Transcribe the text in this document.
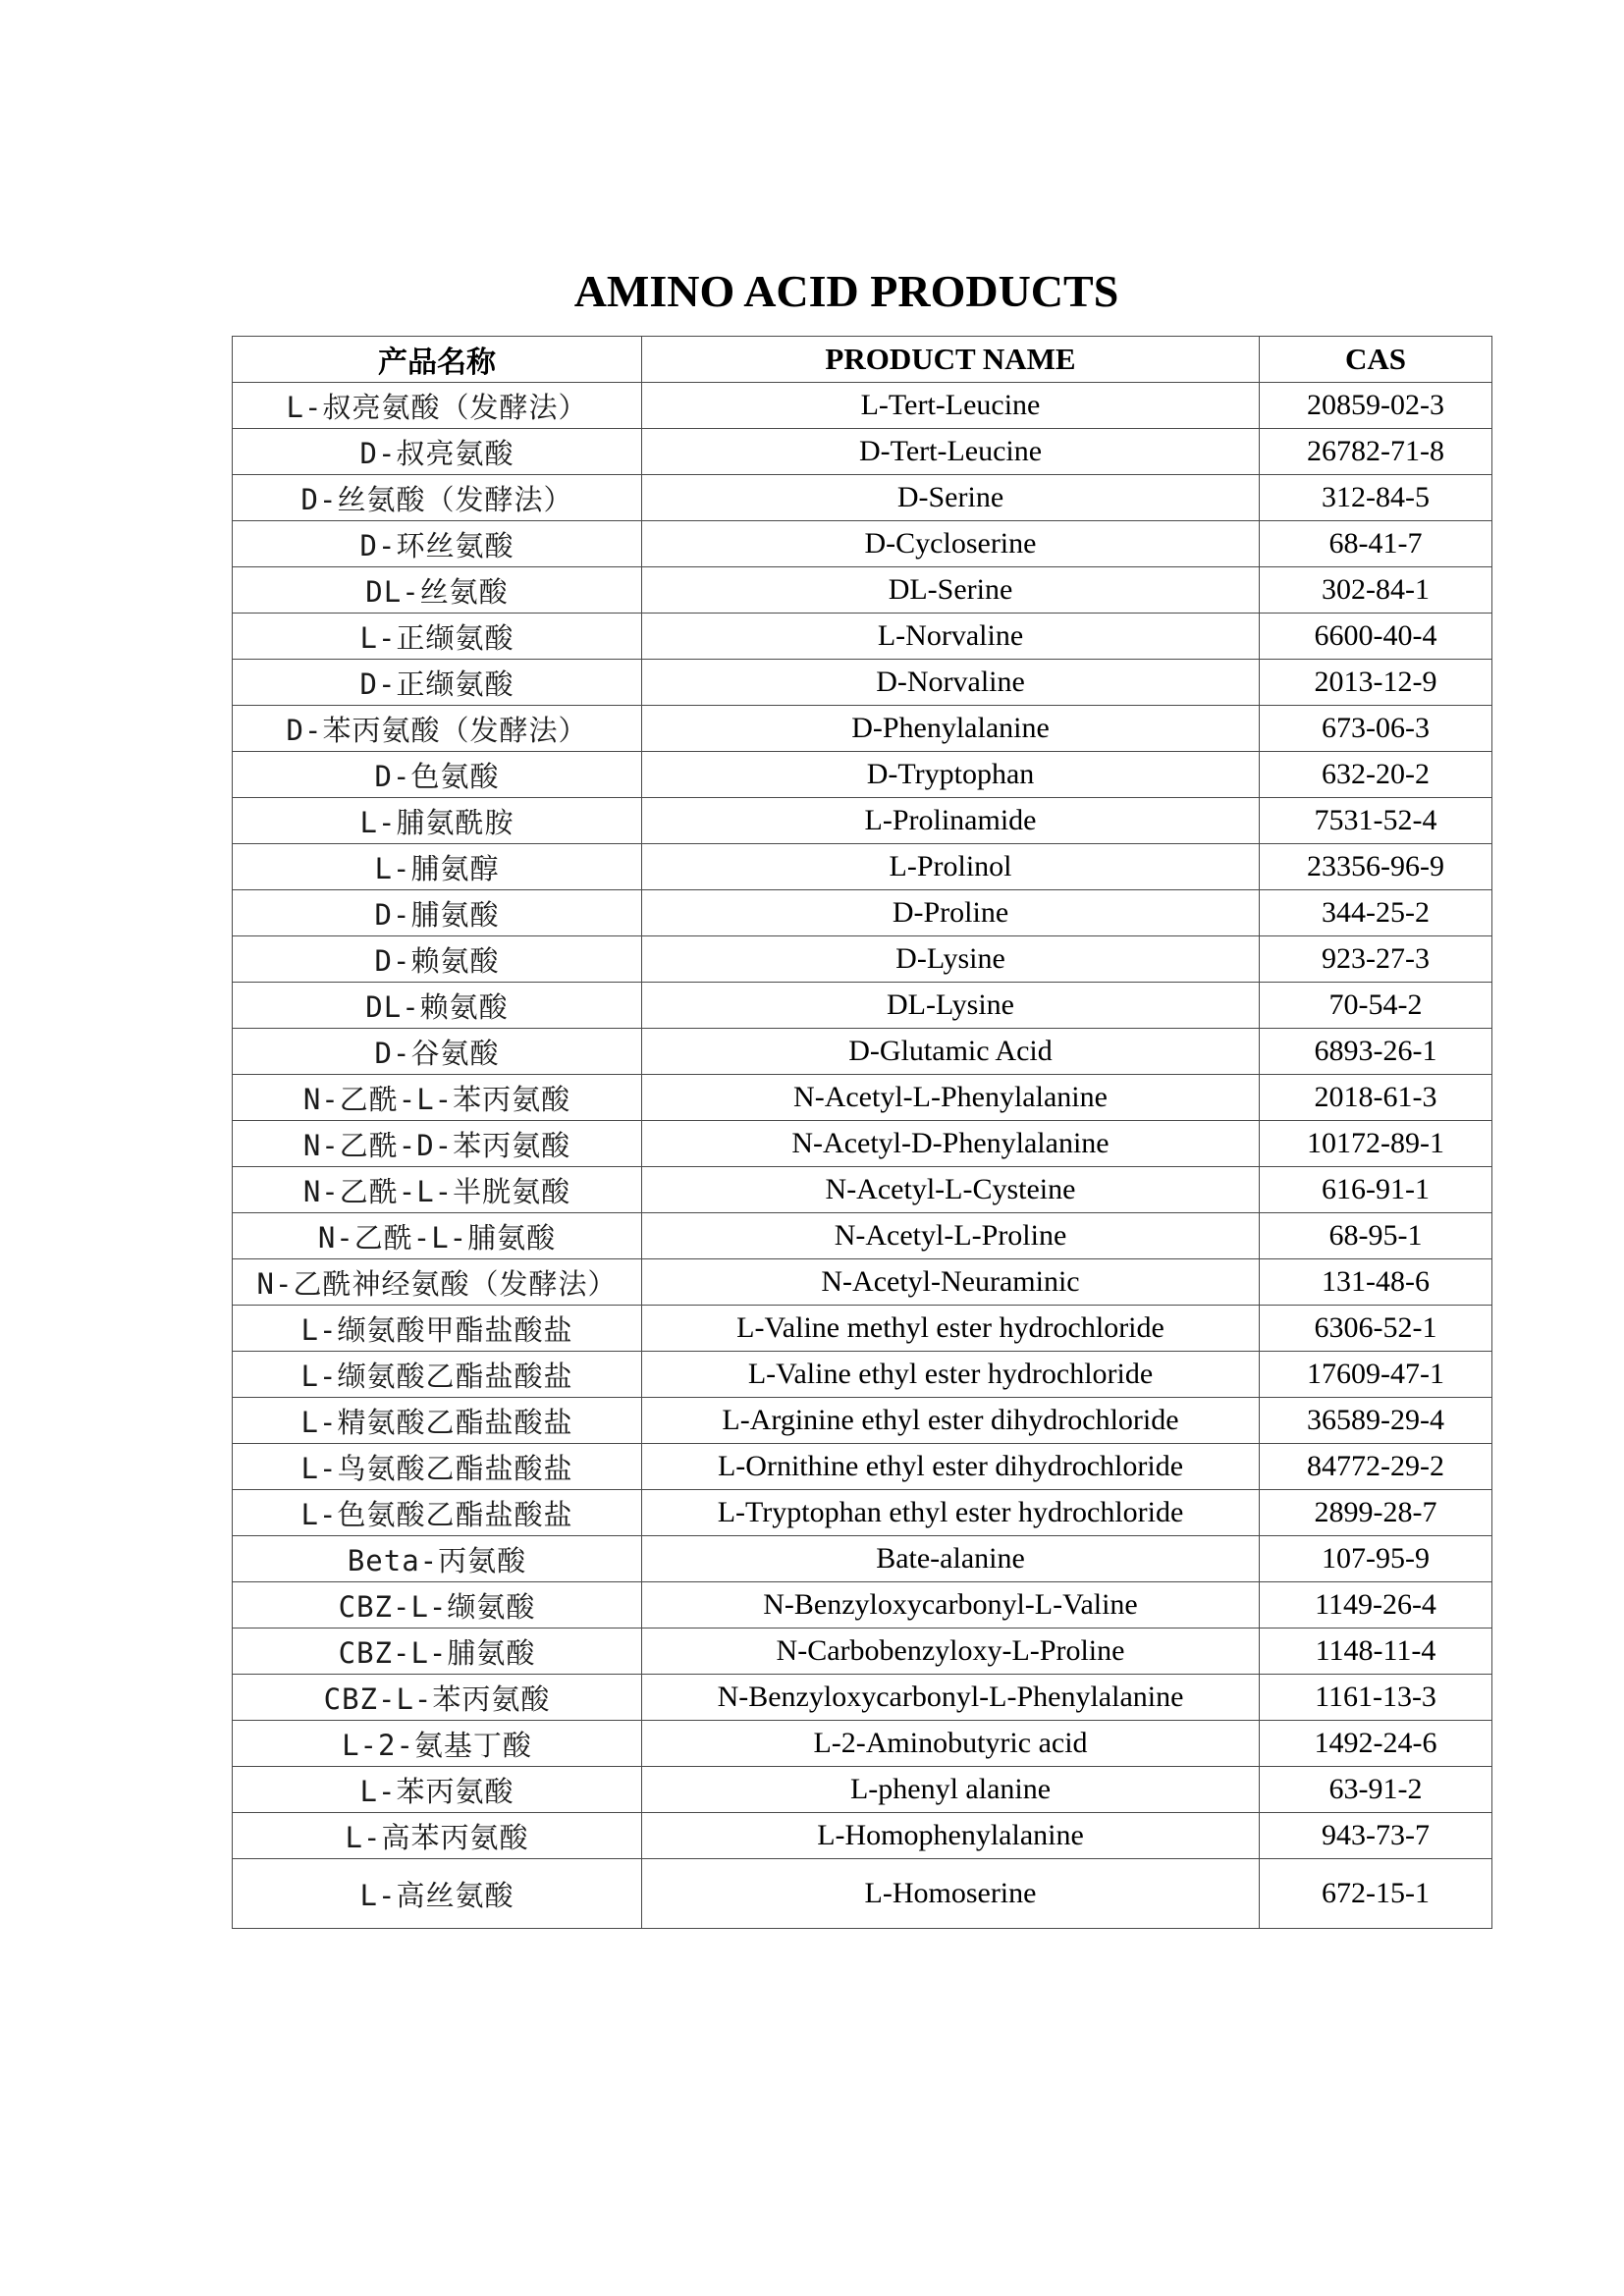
AMINO ACID PRODUCTS
产品名称	PRODUCT NAME	CAS
L-叔亮氨酸（发酵法）	L-Tert-Leucine	20859-02-3
D-叔亮氨酸	D-Tert-Leucine	26782-71-8
D-丝氨酸（发酵法）	D-Serine	312-84-5
D-环丝氨酸	D-Cycloserine	68-41-7
DL-丝氨酸	DL-Serine	302-84-1
L-正缬氨酸	L-Norvaline	6600-40-4
D-正缬氨酸	D-Norvaline	2013-12-9
D-苯丙氨酸（发酵法）	D-Phenylalanine	673-06-3
D-色氨酸	D-Tryptophan	632-20-2
L-脯氨酰胺	L-Prolinamide	7531-52-4
L-脯氨醇	L-Prolinol	23356-96-9
D-脯氨酸	D-Proline	344-25-2
D-赖氨酸	D-Lysine	923-27-3
DL-赖氨酸	DL-Lysine	70-54-2
D-谷氨酸	D-Glutamic Acid	6893-26-1
N-乙酰-L-苯丙氨酸	N-Acetyl-L-Phenylalanine	2018-61-3
N-乙酰-D-苯丙氨酸	N-Acetyl-D-Phenylalanine	10172-89-1
N-乙酰-L-半胱氨酸	N-Acetyl-L-Cysteine	616-91-1
N-乙酰-L-脯氨酸	N-Acetyl-L-Proline	68-95-1
N-乙酰神经氨酸（发酵法）	N-Acetyl-Neuraminic	131-48-6
L-缬氨酸甲酯盐酸盐	L-Valine methyl ester hydrochloride	6306-52-1
L-缬氨酸乙酯盐酸盐	L-Valine ethyl ester hydrochloride	17609-47-1
L-精氨酸乙酯盐酸盐	L-Arginine ethyl ester dihydrochloride	36589-29-4
L-鸟氨酸乙酯盐酸盐	L-Ornithine ethyl ester dihydrochloride	84772-29-2
L-色氨酸乙酯盐酸盐	L-Tryptophan ethyl ester hydrochloride	2899-28-7
Beta-丙氨酸	Bate-alanine	107-95-9
CBZ-L-缬氨酸	N-Benzyloxycarbonyl-L-Valine	1149-26-4
CBZ-L-脯氨酸	N-Carbobenzyloxy-L-Proline	1148-11-4
CBZ-L-苯丙氨酸	N-Benzyloxycarbonyl-L-Phenylalanine	1161-13-3
L-2-氨基丁酸	L-2-Aminobutyric acid	1492-24-6
L-苯丙氨酸	L-phenyl alanine	63-91-2
L-高苯丙氨酸	L-Homophenylalanine	943-73-7
L-高丝氨酸	L-Homoserine	672-15-1
